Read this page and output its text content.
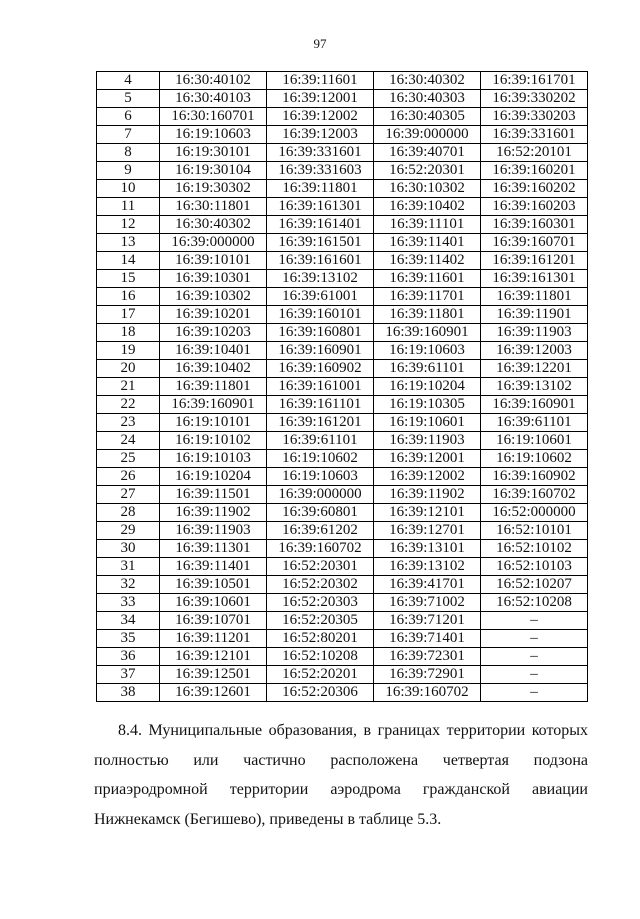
97
4	16:30:40102	16:39:11601	16:30:40302	16:39:161701
5	16:30:40103	16:39:12001	16:30:40303	16:39:330202
6	16:30:160701	16:39:12002	16:30:40305	16:39:330203
7	16:19:10603	16:39:12003	16:39:000000	16:39:331601
8	16:19:30101	16:39:331601	16:39:40701	16:52:20101
9	16:19:30104	16:39:331603	16:52:20301	16:39:160201
10	16:19:30302	16:39:11801	16:30:10302	16:39:160202
11	16:30:11801	16:39:161301	16:39:10402	16:39:160203
12	16:30:40302	16:39:161401	16:39:11101	16:39:160301
13	16:39:000000	16:39:161501	16:39:11401	16:39:160701
14	16:39:10101	16:39:161601	16:39:11402	16:39:161201
15	16:39:10301	16:39:13102	16:39:11601	16:39:161301
16	16:39:10302	16:39:61001	16:39:11701	16:39:11801
17	16:39:10201	16:39:160101	16:39:11801	16:39:11901
18	16:39:10203	16:39:160801	16:39:160901	16:39:11903
19	16:39:10401	16:39:160901	16:19:10603	16:39:12003
20	16:39:10402	16:39:160902	16:39:61101	16:39:12201
21	16:39:11801	16:39:161001	16:19:10204	16:39:13102
22	16:39:160901	16:39:161101	16:19:10305	16:39:160901
23	16:19:10101	16:39:161201	16:19:10601	16:39:61101
24	16:19:10102	16:39:61101	16:39:11903	16:19:10601
25	16:19:10103	16:19:10602	16:39:12001	16:19:10602
26	16:19:10204	16:19:10603	16:39:12002	16:39:160902
27	16:39:11501	16:39:000000	16:39:11902	16:39:160702
28	16:39:11902	16:39:60801	16:39:12101	16:52:000000
29	16:39:11903	16:39:61202	16:39:12701	16:52:10101
30	16:39:11301	16:39:160702	16:39:13101	16:52:10102
31	16:39:11401	16:52:20301	16:39:13102	16:52:10103
32	16:39:10501	16:52:20302	16:39:41701	16:52:10207
33	16:39:10601	16:52:20303	16:39:71002	16:52:10208
34	16:39:10701	16:52:20305	16:39:71201	–
35	16:39:11201	16:52:80201	16:39:71401	–
36	16:39:12101	16:52:10208	16:39:72301	–
37	16:39:12501	16:52:20201	16:39:72901	–
38	16:39:12601	16:52:20306	16:39:160702	–

8.4. Муниципальные образования, в границах территории которых полностью или частично расположена четвертая подзона приаэродромной территории аэродрома гражданской авиации Нижнекамск (Бегишево), приведены в таблице 5.3.
